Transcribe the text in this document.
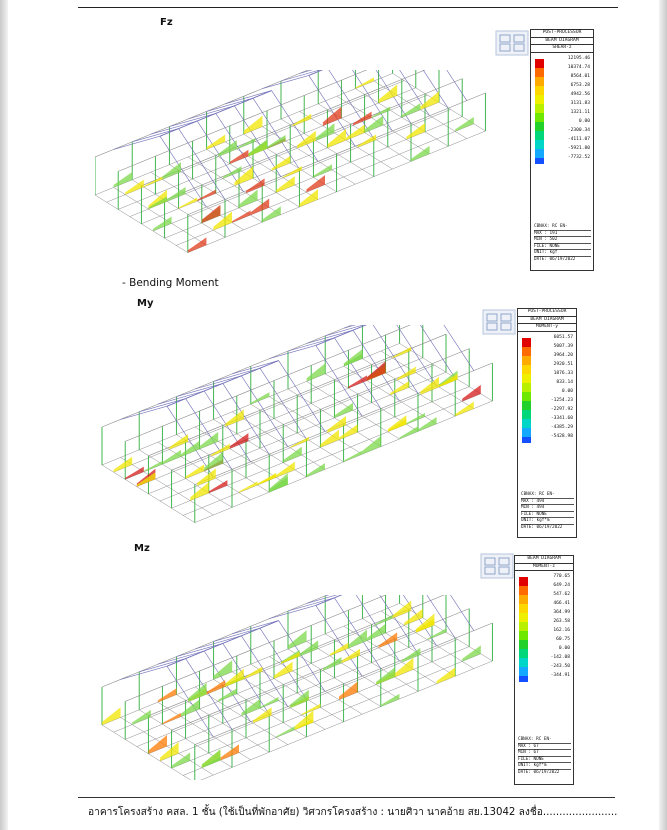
Fz
- Bending Moment
My
Mz
POST-PROCESSOR
BEAM DIAGRAM
SHEAR-z
12195.46
10374.74
8564.01
6753.28
4942.56
3131.83
1321.11
0.00
-2300.34
-4111.07
-5921.80
-7732.52
CBNAX: RC EN-
MAX : 191
MIN : 502
FILE: NONE
UNIT: kgf
DATE: 06/19/2022
POST-PROCESSOR
BEAM DIAGRAM
MOMENT-y
6051.57
5007.39
3964.20
2920.51
1876.33
833.14
0.00
-1254.23
-2297.92
-3341.60
-4385.29
-5428.98
CBNAX: RC EN-
MAX : 494
MIN : 494
FILE: NONE
UNIT: kgf*m
DATE: 06/19/2022
BEAM DIAGRAM
MOMENT-z
770.65
649.24
547.62
466.41
364.99
263.58
162.16
60.75
0.00
-142.08
-243.50
-344.91
CBNAX: RC EN-
MAX : 67
MIN : 67
FILE: NONE
UNIT: kgf*m
DATE: 06/19/2022
อาคารโครงสร้าง คสล. 1 ชั้น (ใช้เป็นที่พักอาศัย) วิศวกรโครงสร้าง : นายศิวา นาคอ้าย สย.13042 ลงชื่อ.......................
